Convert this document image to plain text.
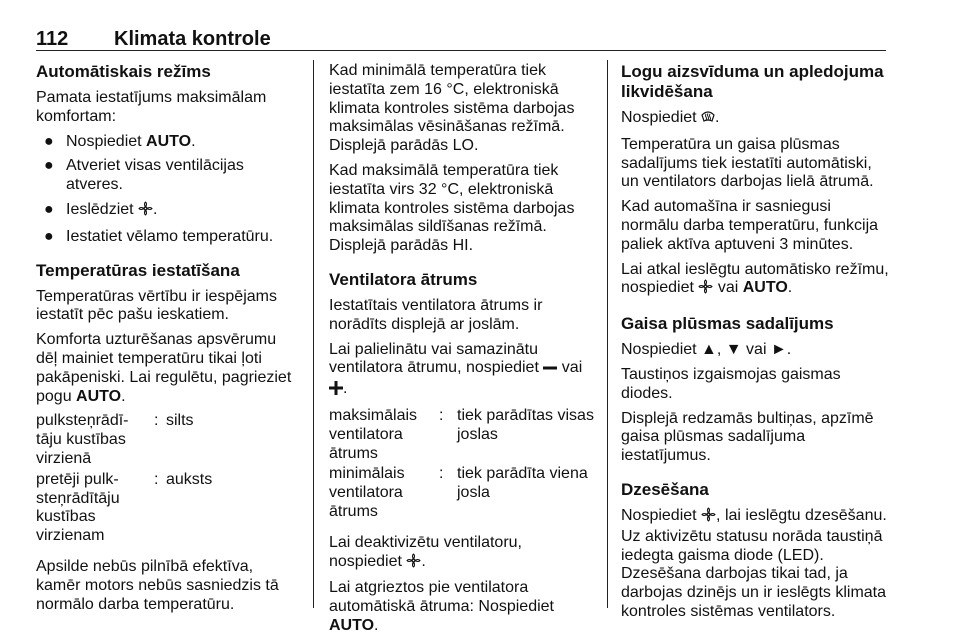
112 Klimata kontrole
Automātiskais režīms

Pamata iestatījums maksimālam komfortam:

● Nospiediet AUTO.
● Atveriet visas ventilācijas atveres.
● Ieslēdziet .
● Iestatiet vēlamo temperatūru.
Temperatūras iestatīšana

Temperatūras vērtību ir iespējams iestatīt pēc pašu ieskatiem.

Komforta uzturēšanas apsvērumu dēļ mainiet temperatūru tikai ļoti pakāpeniski. Lai regulētu, pagrieziet pogu AUTO.

pulksteņrādī-tāju kustības virzienā	:	silts
pretēji pulk-steņrādītāju kustības virzienam	:	auksts

Apsilde nebūs pilnībā efektīva, kamēr motors nebūs sasniedzis tā normālo darba temperatūru.

Kad minimālā temperatūra tiek iestatīta zem 16 °C, elektroniskā klimata kontroles sistēma darbojas maksimālas vēsināšanas režīmā. Displejā parādās LO.

Kad maksimālā temperatūra tiek iestatīta virs 32 °C, elektroniskā klimata kontroles sistēma darbojas maksimālas sildīšanas režīmā. Displejā parādās HI.

Ventilatora ātrums

Iestatītais ventilatora ātrums ir norādīts displejā ar joslām.

Lai palielinātu vai samazinātu ventilatora ātrumu, nospiediet  vai .

maksimālais ventilatora ātrums	:	tiek parādītas visas joslas
minimālais ventilatora ātrums	:	tiek parādīta viena josla

Lai deaktivizētu ventilatoru, nospiediet .

Lai atgrieztos pie ventilatora automātiskā ātruma: Nospiediet AUTO.

Logu aizsvīduma un apledojuma likvidēšana

Nospiediet .

Temperatūra un gaisa plūsmas sadalījums tiek iestatīti automātiski, un ventilators darbojas lielā ātrumā.

Kad automašīna ir sasniegusi normālu darba temperatūru, funkcija paliek aktīva aptuveni 3 minūtes.

Lai atkal ieslēgtu automātisko režīmu, nospiediet  vai AUTO.

Gaisa plūsmas sadalījums

Nospiediet ▲, ▼ vai ►.

Taustiņos izgaismojas gaismas diodes.

Displejā redzamās bultiņas, apzīmē gaisa plūsmas sadalījuma iestatījumus.

Dzesēšana

Nospiediet , lai ieslēgtu dzesēšanu. Uz aktivizētu statusu norāda taustiņā iedegta gaisma diode (LED). Dzesēšana darbojas tikai tad, ja darbojas dzinējs un ir ieslēgts klimata kontroles sistēmas ventilators.
